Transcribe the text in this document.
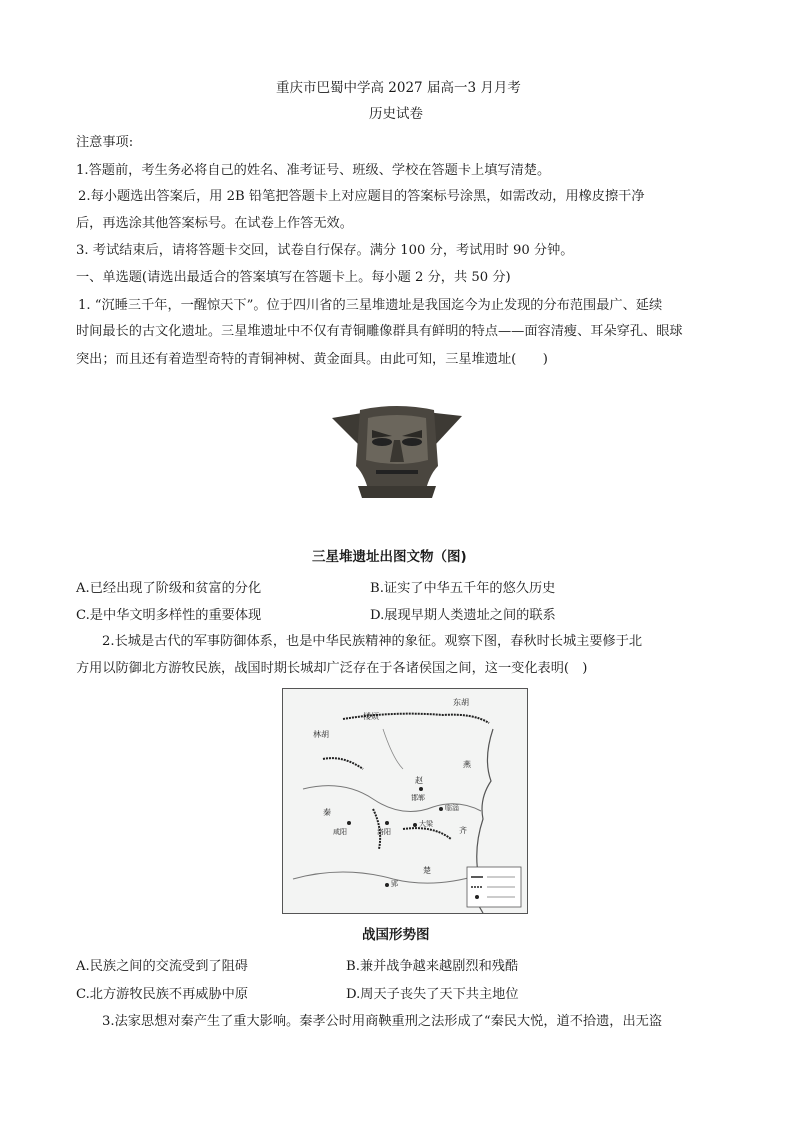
重庆市巴蜀中学高 2027 届高一3 月月考
历史试卷
注意事项:
1.答题前，考生务必将自己的姓名、准考证号、班级、学校在答题卡上填写清楚。
2.每小题选出答案后，用 2B 铅笔把答题卡上对应题目的答案标号涂黑，如需改动，用橡皮擦干净
后，再选涂其他答案标号。在试卷上作答无效。
3. 考试结束后，请将答题卡交回，试卷自行保存。满分 100 分，考试用时 90 分钟。
一、单选题(请选出最适合的答案填写在答题卡上。每小题 2 分，共 50 分)
1. “沉睡三千年，一醒惊天下”。位于四川省的三星堆遗址是我国迄今为止发现的分布范围最广、延续
时间最长的古文化遗址。三星堆遗址中不仅有青铜雕像群具有鲜明的特点——面容清瘦、耳朵穿孔、眼球
突出；而且还有着造型奇特的青铜神树、黄金面具。由此可知，三星堆遗址(　　)
三星堆遗址出图文物（图)
A.已经出现了阶级和贫富的分化	B.证实了中华五千年的悠久历史
C.是中华文明多样性的重要体现	D.展现早期人类遗址之间的联系
2.长城是古代的军事防御体系，也是中华民族精神的象征。观察下图，春秋时长城主要修于北
方用以防御北方游牧民族，战国时期长城却广泛存在于各诸侯国之间，这一变化表明(　)
东胡
楼烦
林胡
赵
燕
邯郸
临淄
洛阳
大梁
郢
咸阳
秦
齐
楚
战国形势图
A.民族之间的交流受到了阻碍	B.兼并战争越来越剧烈和残酷
C.北方游牧民族不再威胁中原	D.周天子丧失了天下共主地位
3.法家思想对秦产生了重大影响。秦孝公时用商鞅重刑之法形成了“秦民大悦，道不拾遗，出无盗
